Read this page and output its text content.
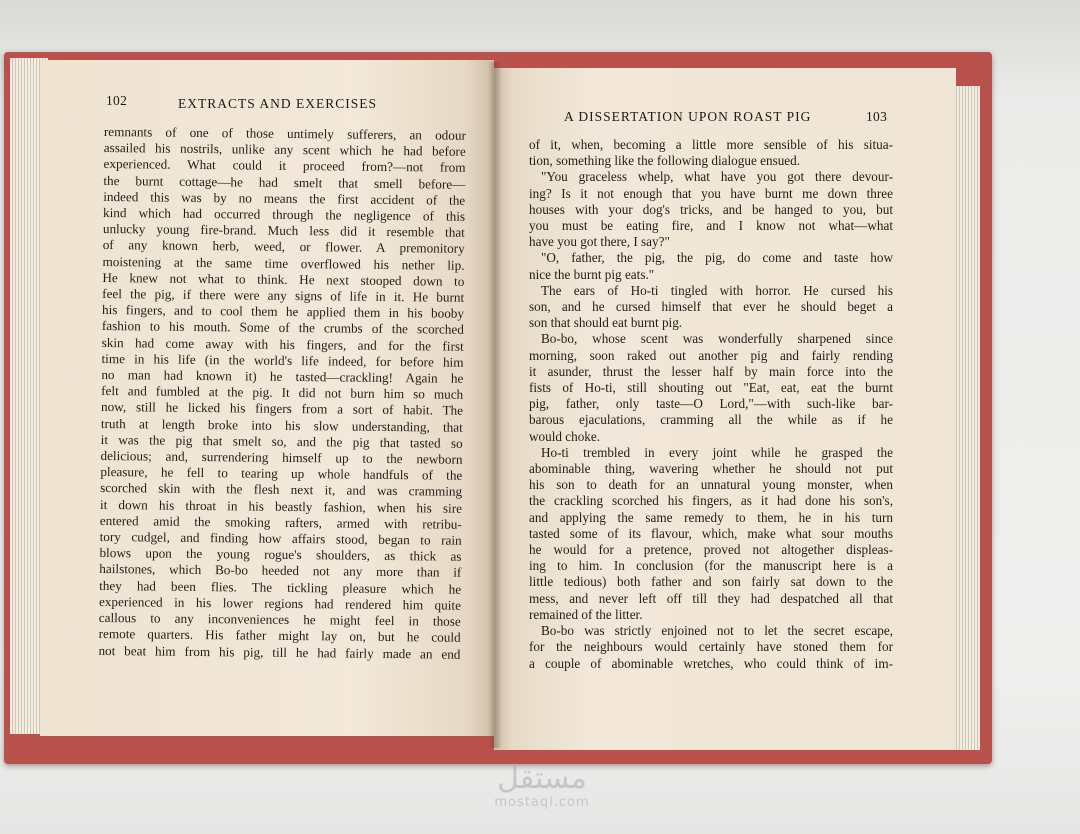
102	EXTRACTS AND EXERCISES
remnants of one of those untimely sufferers, an odour
assailed his nostrils, unlike any scent which he had before
experienced. What could it proceed from?—not from
the burnt cottage—he had smelt that smell before—
indeed this was by no means the first accident of the
kind which had occurred through the negligence of this
unlucky young fire-brand. Much less did it resemble that
of any known herb, weed, or flower. A premonitory
moistening at the same time overflowed his nether lip.
He knew not what to think. He next stooped down to
feel the pig, if there were any signs of life in it. He burnt
his fingers, and to cool them he applied them in his booby
fashion to his mouth. Some of the crumbs of the scorched
skin had come away with his fingers, and for the first
time in his life (in the world's life indeed, for before him
no man had known it) he tasted—crackling! Again he
felt and fumbled at the pig. It did not burn him so much
now, still he licked his fingers from a sort of habit. The
truth at length broke into his slow understanding, that
it was the pig that smelt so, and the pig that tasted so
delicious; and, surrendering himself up to the newborn
pleasure, he fell to tearing up whole handfuls of the
scorched skin with the flesh next it, and was cramming
it down his throat in his beastly fashion, when his sire
entered amid the smoking rafters, armed with retribu-
tory cudgel, and finding how affairs stood, began to rain
blows upon the young rogue's shoulders, as thick as
hailstones, which Bo-bo heeded not any more than if
they had been flies. The tickling pleasure which he
experienced in his lower regions had rendered him quite
callous to any inconveniences he might feel in those
remote quarters. His father might lay on, but he could
not beat him from his pig, till he had fairly made an end
A DISSERTATION UPON ROAST PIG	103
of it, when, becoming a little more sensible of his situa-
tion, something like the following dialogue ensued.
"You graceless whelp, what have you got there devour-
ing? Is it not enough that you have burnt me down three
houses with your dog's tricks, and be hanged to you, but
you must be eating fire, and I know not what—what
have you got there, I say?"
"O, father, the pig, the pig, do come and taste how
nice the burnt pig eats."
The ears of Ho-ti tingled with horror. He cursed his
son, and he cursed himself that ever he should beget a
son that should eat burnt pig.
Bo-bo, whose scent was wonderfully sharpened since
morning, soon raked out another pig and fairly rending
it asunder, thrust the lesser half by main force into the
fists of Ho-ti, still shouting out "Eat, eat, eat the burnt
pig, father, only taste—O Lord,"—with such-like bar-
barous ejaculations, cramming all the while as if he
would choke.
Ho-ti trembled in every joint while he grasped the
abominable thing, wavering whether he should not put
his son to death for an unnatural young monster, when
the crackling scorched his fingers, as it had done his son's,
and applying the same remedy to them, he in his turn
tasted some of its flavour, which, make what sour mouths
he would for a pretence, proved not altogether displeas-
ing to him. In conclusion (for the manuscript here is a
little tedious) both father and son fairly sat down to the
mess, and never left off till they had despatched all that
remained of the litter.
Bo-bo was strictly enjoined not to let the secret escape,
for the neighbours would certainly have stoned them for
a couple of abominable wretches, who could think of im-
مستقل
mostaql.com
